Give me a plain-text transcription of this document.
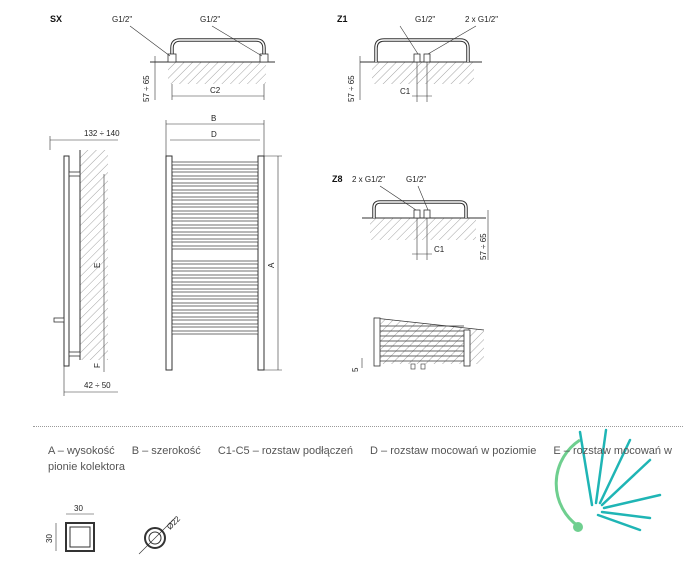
SX	G1/2"	G1/2"
57 ÷ 65	C2
Z1	G1/2"	2 x G1/2"
57 ÷ 65	C1
132 ÷ 140
E
F
42 ÷ 50
B
D
A
Z8 2 x G1/2"	G1/2"
57 ÷ 65
C1
5
30
30
Ø22
A – wysokość B – szerokość C1-C5 – rozstaw podłączeń D – rozstaw mocowań w poziomie E – rozstaw mocowań w pionie kolektora
